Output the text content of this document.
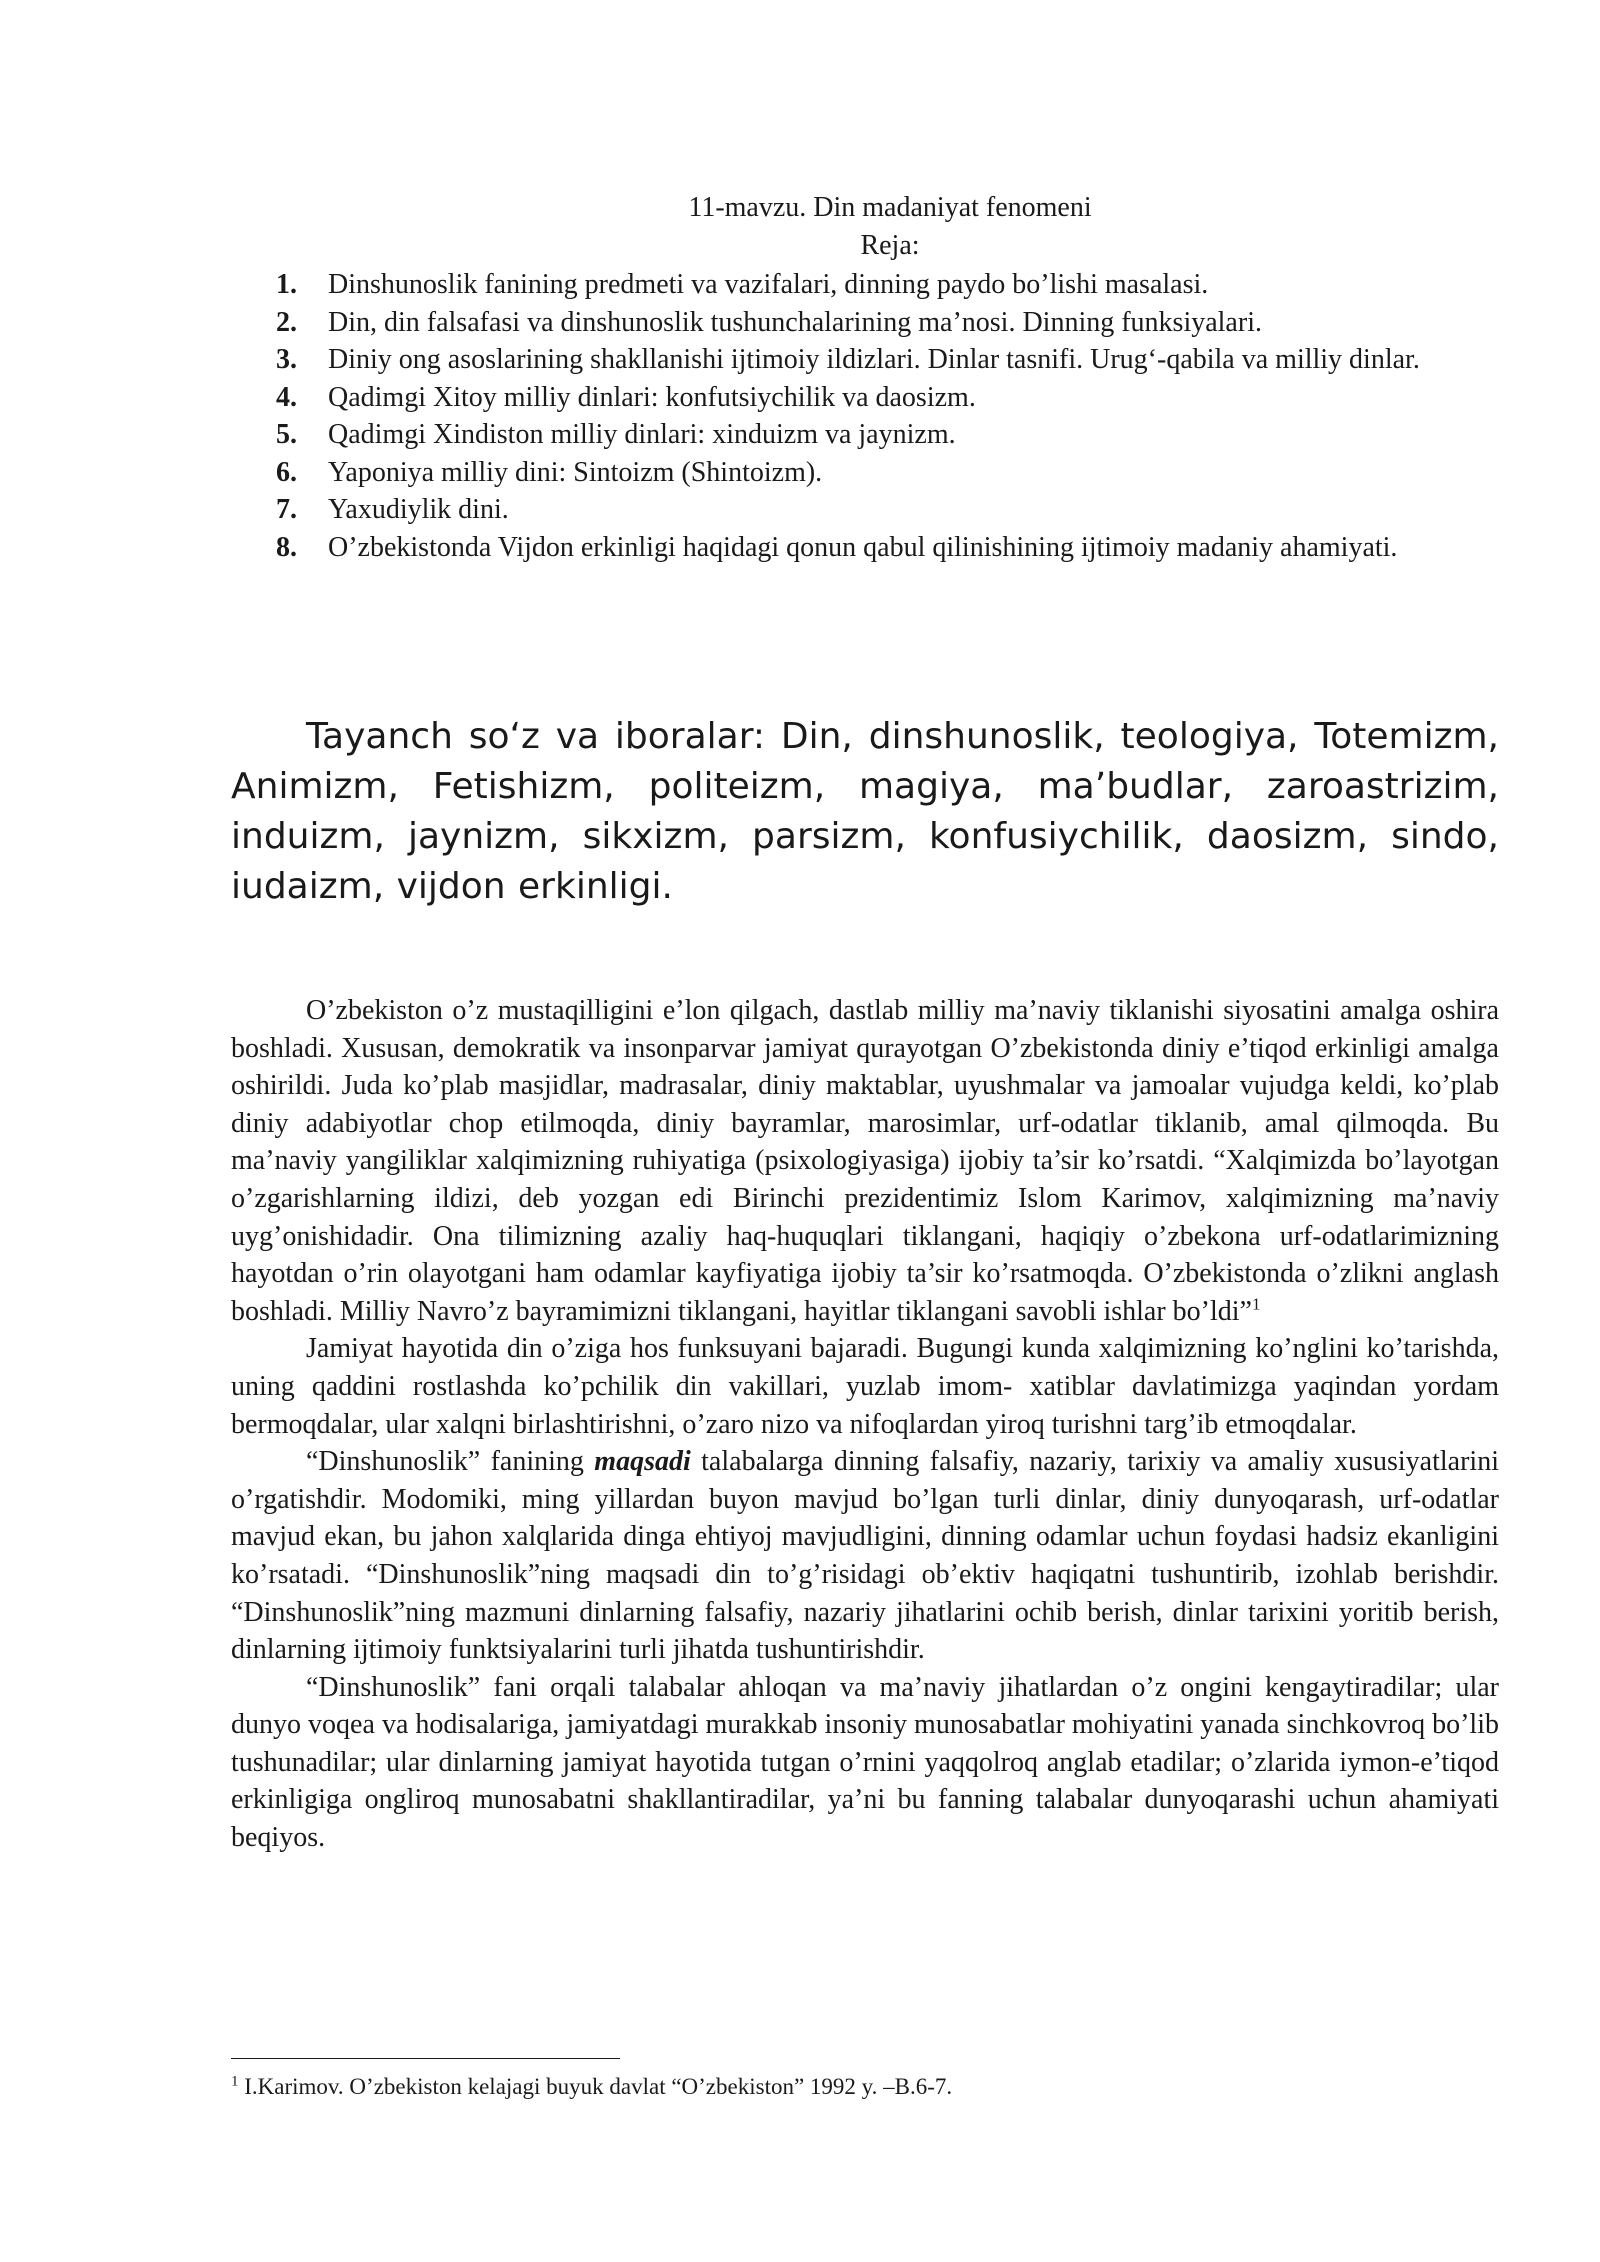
11-mavzu. Din madaniyat fenomeni
Reja:
1. Dinshunoslik fanining predmeti va vazifalari, dinning paydo bo’lishi masalasi.
2. Din, din falsafasi va dinshunoslik tushunchalarining ma’nosi. Dinning funksiyalari.
3. Diniy ong asoslarining shakllanishi ijtimoiy ildizlari. Dinlar tasnifi. Urug‘-qabila va milliy dinlar.
4. Qadimgi Xitoy milliy dinlari: konfutsiychilik va daosizm.
5. Qadimgi Xindiston milliy dinlari: xinduizm va jaynizm.
6. Yaponiya milliy dini: Sintoizm (Shintoizm).
7. Yaxudiylik dini.
8. O’zbekistonda Vijdon erkinligi haqidagi qonun qabul qilinishining ijtimoiy madaniy ahamiyati.

Tayanch so‘z va iboralar: Din, dinshunoslik, teologiya, Totemizm, Animizm, Fetishizm, politeizm, magiya, ma’budlar, zaroastrizim, induizm, jaynizm, sikxizm, parsizm, konfusiychilik, daosizm, sindo, iudaizm, vijdon erkinligi.

O’zbekiston o’z mustaqilligini e’lon qilgach, dastlab milliy ma’naviy tiklanishi siyosatini amalga oshira boshladi. Xususan, demokratik va insonparvar jamiyat qurayotgan O’zbekistonda diniy e’tiqod erkinligi amalga oshirildi. Juda ko’plab masjidlar, madrasalar, diniy maktablar, uyushmalar va jamoalar vujudga keldi, ko’plab diniy adabiyotlar chop etilmoqda, diniy bayramlar, marosimlar, urf-odatlar tiklanib, amal qilmoqda. Bu ma’naviy yangiliklar xalqimizning ruhiyatiga (psixologiyasiga) ijobiy ta’sir ko’rsatdi. “Xalqimizda bo’layotgan o’zgarishlarning ildizi, deb yozgan edi Birinchi prezidentimiz Islom Karimov, xalqimizning ma’naviy uyg’onishidadir. Ona tilimizning azaliy haq-huquqlari tiklangani, haqiqiy o’zbekona urf-odatlarimizning hayotdan o’rin olayotgani ham odamlar kayfiyatiga ijobiy ta’sir ko’rsatmoqda. O’zbekistonda o’zlikni anglash boshladi. Milliy Navro’z bayramimizni tiklangani, hayitlar tiklangani savobli ishlar bo’ldi”$^1$

Jamiyat hayotida din o’ziga hos funksuyani bajaradi. Bugungi kunda xalqimizning ko’nglini ko’tarishda, uning qaddini rostlashda ko’pchilik din vakillari, yuzlab imom- xatiblar davlatimizga yaqindan yordam bermoqdalar, ular xalqni birlashtirishni, o’zaro nizo va nifoqlardan yiroq turishni targ’ib etmoqdalar.

“Dinshunoslik” fanining maqsadi talabalarga dinning falsafiy, nazariy, tarixiy va amaliy xususiyatlarini o’rgatishdir. Modomiki, ming yillardan buyon mavjud bo’lgan turli dinlar, diniy dunyoqarash, urf-odatlar mavjud ekan, bu jahon xalqlarida dinga ehtiyoj mavjudligini, dinning odamlar uchun foydasi hadsiz ekanligini ko’rsatadi. “Dinshunoslik”ning maqsadi din to’g’risidagi ob’ektiv haqiqatni tushuntirib, izohlab berishdir. “Dinshunoslik”ning mazmuni dinlarning falsafiy, nazariy jihatlarini ochib berish, dinlar tarixini yoritib berish, dinlarning ijtimoiy funktsiyalarini turli jihatda tushuntirishdir.

“Dinshunoslik” fani orqali talabalar ahloqan va ma’naviy jihatlardan o’z ongini kengaytiradilar; ular dunyo voqea va hodisalariga, jamiyatdagi murakkab insoniy munosabatlar mohiyatini yanada sinchkovroq bo’lib tushunadilar; ular dinlarning jamiyat hayotida tutgan o’rnini yaqqolroq anglab etadilar; o’zlarida iymon-e’tiqod erkinligiga ongliroq munosabatni shakllantiradilar, ya’ni bu fanning talabalar dunyoqarashi uchun ahamiyati beqiyos.

$^1$ I.Karimov. O’zbekiston kelajagi buyuk davlat “O’zbekiston” 1992 y. –B.6-7.
